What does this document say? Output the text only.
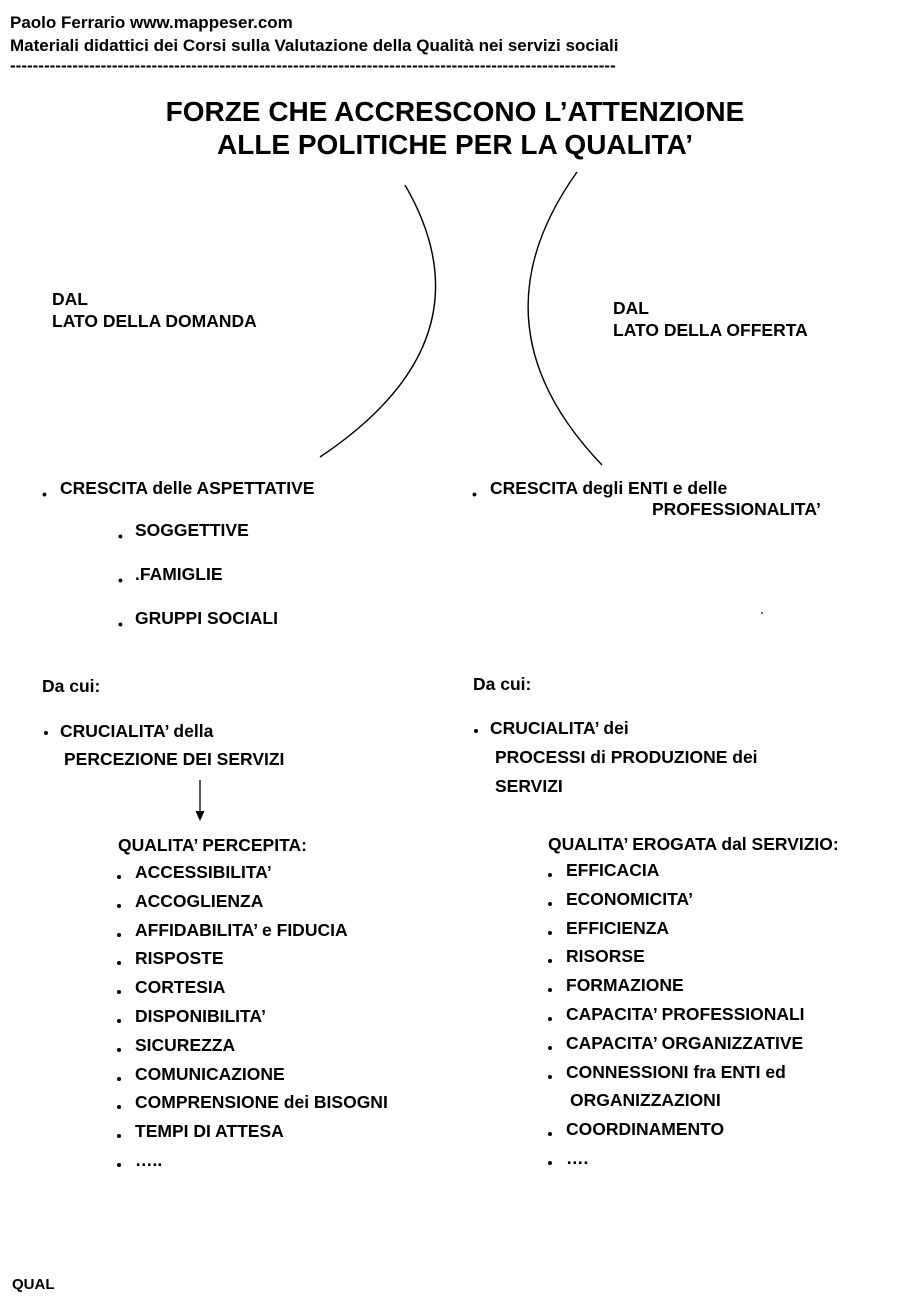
Paolo Ferrario www.mappeser.com
Materiali didattici dei Corsi sulla Valutazione della Qualità nei servizi sociali
-----------------------------------------------------------------------------------------------------------
FORZE CHE ACCRESCONO L’ATTENZIONE
ALLE POLITICHE PER LA QUALITA’
DAL
LATO DELLA DOMANDA
• CRESCITA delle ASPETTATIVE
• SOGGETTIVE
• .FAMIGLIE
• GRUPPI SOCIALI
Da cui:
CRUCIALITA’ della
PERCEZIONE DEI SERVIZI
QUALITA’ PERCEPITA:
ACCESSIBILITA’
ACCOGLIENZA
AFFIDABILITA’ e FIDUCIA
RISPOSTE
CORTESIA
DISPONIBILITA’
SICUREZZA
COMUNICAZIONE
COMPRENSIONE dei BISOGNI
TEMPI DI ATTESA
…..
DAL
LATO DELLA OFFERTA
• CRESCITA degli ENTI e delle
PROFESSIONALITA’
Da cui:
CRUCIALITA’ dei
PROCESSI di PRODUZIONE dei
SERVIZI
QUALITA’ EROGATA dal SERVIZIO:
EFFICACIA
ECONOMICITA’
EFFICIENZA
RISORSE
FORMAZIONE
CAPACITA’ PROFESSIONALI
CAPACITA’ ORGANIZZATIVE
CONNESSIONI fra ENTI ed
ORGANIZZAZIONI
COORDINAMENTO
….
QUAL
